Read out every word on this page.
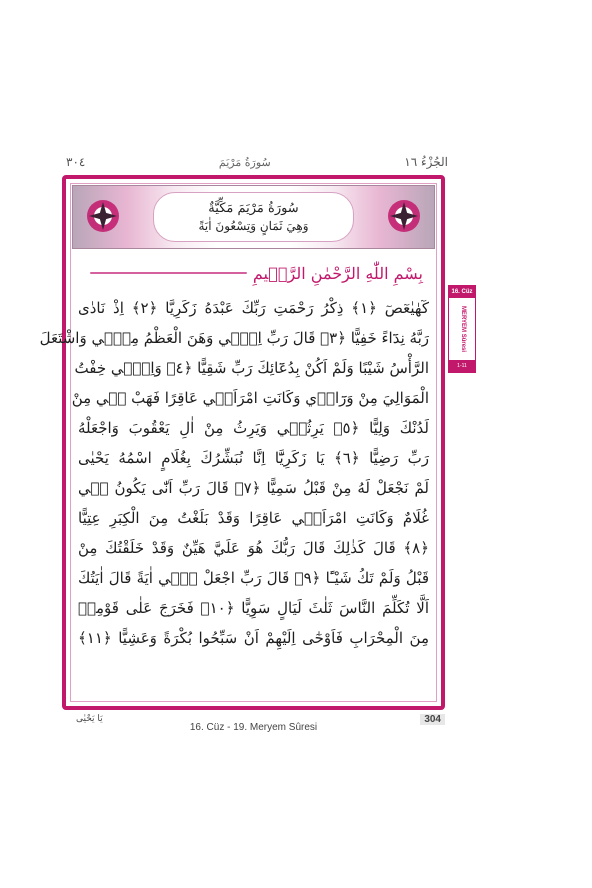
الجُزْءُ ١٦
سُورَةُ مَرْيَمَ
٣٠٤
سُورَةُ مَرْيَمَ مَكِّيَّةٌ
وَهِيَ ثَمَانٍ وَتِسْعُونَ اٰيَةً
بِسْمِ اللّٰهِ الرَّحْمٰنِ الرَّح۪يمِ
كٓهٰيٰعٓصٓ ﴿١﴾ ذِكْرُ رَحْمَتِ رَبِّكَ عَبْدَهُ زَكَرِيَّا ﴿٢﴾ اِذْ نَادٰى
رَبَّهُ نِدَٓاءً خَفِيًّا ﴿٣﴾ قَالَ رَبِّ اِنّ۪ي وَهَنَ الْعَظْمُ مِنّ۪ي وَاشْتَعَلَ
الرَّأْسُ شَيْبًا وَلَمْ اَكُنْ بِدُعَٓائِكَ رَبِّ شَقِيًّا ﴿٤﴾ وَاِنّ۪ي خِفْتُ
الْمَوَالِيَ مِنْ وَرَٓاء۪ي وَكَانَتِ امْرَاَت۪ي عَاقِرًا فَهَبْ ل۪ي مِنْ
لَدُنْكَ وَلِيًّا ﴿٥﴾ يَرِثُن۪ي وَيَرِثُ مِنْ اٰلِ يَعْقُوبَ وَاجْعَلْهُ
رَبِّ رَضِيًّا ﴿٦﴾ يَا زَكَرِيَّٓا اِنَّا نُبَشِّرُكَ بِغُلَامٍ اسْمُهُ يَحْيٰى
لَمْ نَجْعَلْ لَهُ مِنْ قَبْلُ سَمِيًّا ﴿٧﴾ قَالَ رَبِّ اَنّٰى يَكُونُ ل۪ي
غُلَامٌ وَكَانَتِ امْرَاَت۪ي عَاقِرًا وَقَدْ بَلَغْتُ مِنَ الْكِبَرِ عِتِيًّا
﴿٨﴾ قَالَ كَذٰلِكَ قَالَ رَبُّكَ هُوَ عَلَيَّ هَيِّنٌ وَقَدْ خَلَقْتُكَ مِنْ
قَبْلُ وَلَمْ تَكُ شَيْـًٔا ﴿٩﴾ قَالَ رَبِّ اجْعَلْ ل۪ٓي اٰيَةً قَالَ اٰيَتُكَ
اَلَّا تُكَلِّمَ النَّاسَ ثَلٰثَ لَيَالٍ سَوِيًّا ﴿١٠﴾ فَخَرَجَ عَلٰى قَوْمِه۪
مِنَ الْمِحْرَابِ فَاَوْحٰٓى اِلَيْهِمْ اَنْ سَبِّحُوا بُكْرَةً وَعَشِيًّا ﴿١١﴾
16. Cüz
MERYEM Sûresi
1-11
يَا يَحْيٰى
16. Cüz - 19. Meryem Sûresi
304
